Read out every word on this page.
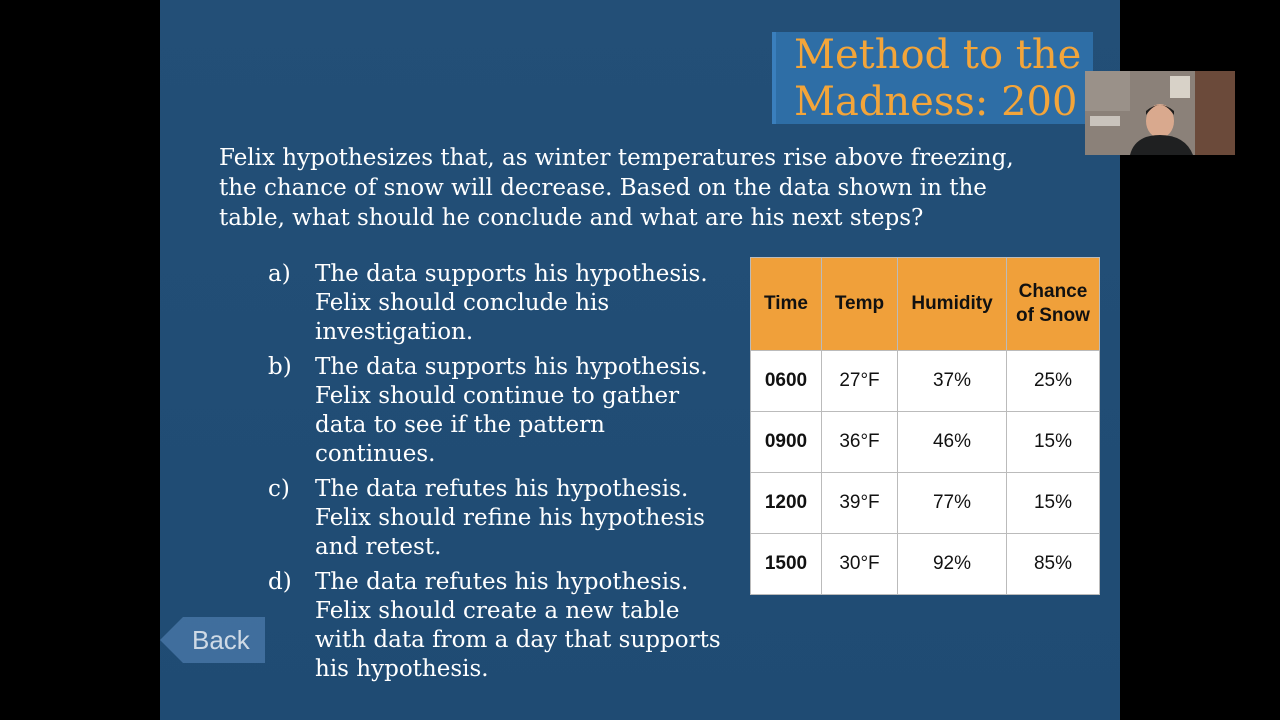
Method to the
Madness: 200
Felix hypothesizes that, as winter temperatures rise above freezing, the chance of snow will decrease. Based on the data shown in the table, what should he conclude and what are his next steps?
a) The data supports his hypothesis. Felix should conclude his investigation.
b) The data supports his hypothesis. Felix should continue to gather data to see if the pattern continues.
c) The data refutes his hypothesis. Felix should refine his hypothesis and retest.
d) The data refutes his hypothesis. Felix should create a new table with data from a day that supports his hypothesis.
Time	Temp	Humidity	Chance of Snow
0600	27°F	37%	25%
0900	36°F	46%	15%
1200	39°F	77%	15%
1500	30°F	92%	85%
Back
